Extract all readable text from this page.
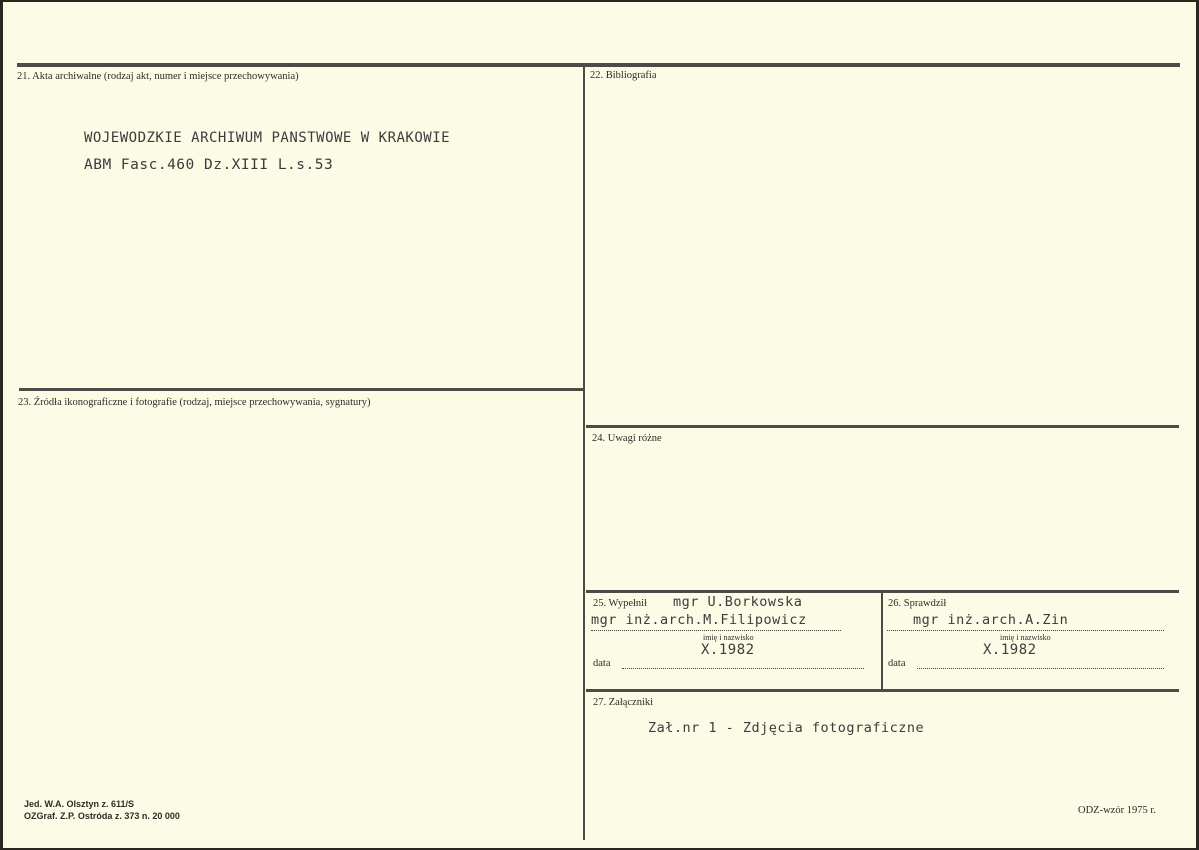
21. Akta archiwalne (rodzaj akt, numer i miejsce przechowywania)
WOJEWODZKIE ARCHIWUM PANSTWOWE W KRAKOWIE
ABM Fasc.460 Dz.XIII L.s.53
22. Bibliografia
23. Źródła ikonograficzne i fotografie (rodzaj, miejsce przechowywania, sygnatury)
24. Uwagi różne
25. Wypełnił mgr U.Borkowska
mgr inż.arch.M.Filipowicz
imię i nazwisko
X.1982
data
26. Sprawdził
mgr inż.arch.A.Zin
imię i nazwisko
X.1982
data
27. Załączniki
Zał.nr 1 - Zdjęcia fotograficzne
Jed. W.A. Olsztyn z. 611/S
OZGraf. Z.P. Ostróda z. 373 n. 20 000	ODZ-wzór 1975 r.
